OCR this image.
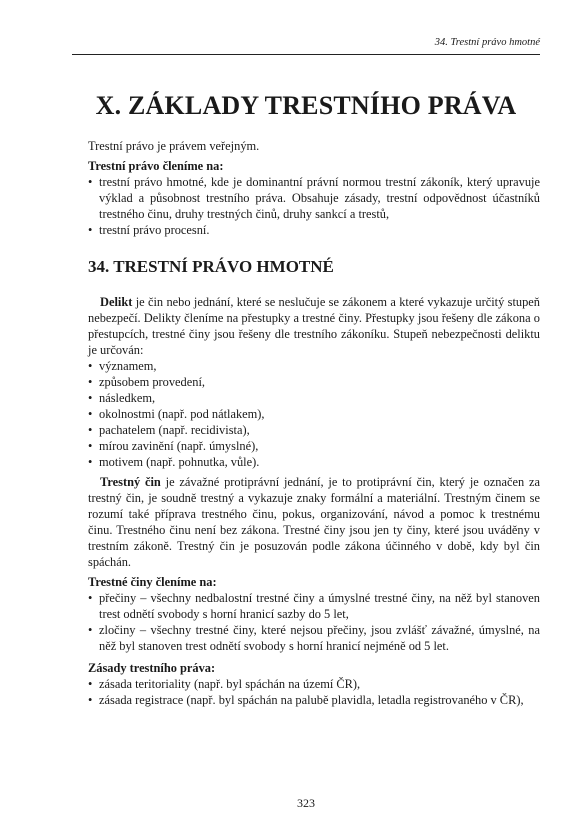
34. Trestní právo hmotné
X. ZÁKLADY TRESTNÍHO PRÁVA

Trestní právo je právem veřejným.

Trestní právo členíme na:

• trestní právo hmotné, kde je dominantní právní normou trestní zákoník, který upravuje výklad a působnost trestního práva. Obsahuje zásady, trestní odpovědnost účastníků trestného činu, druhy trestných činů, druhy sankcí a trestů,
• trestní právo procesní.
34. TRESTNÍ PRÁVO HMOTNÉ

Delikt je čin nebo jednání, které se neslučuje se zákonem a které vykazuje určitý stupeň nebezpečí. Delikty členíme na přestupky a trestné činy. Přestupky jsou řešeny dle zákona o přestupcích, trestné činy jsou řešeny dle trestního zákoníku. Stupeň nebezpečnosti deliktu je určován:

• významem,
• způsobem provedení,
• následkem,
• okolnostmi (např. pod nátlakem),
• pachatelem (např. recidivista),
• mírou zavinění (např. úmyslné),
• motivem (např. pohnutka, vůle).

Trestný čin je závažné protiprávní jednání, je to protiprávní čin, který je označen za trestný čin, je soudně trestný a vykazuje znaky formální a materiální. Trestným činem se rozumí také příprava trestného činu, pokus, organizování, návod a pomoc k trestnému činu. Trestného činu není bez zákona. Trestné činy jsou jen ty činy, které jsou uváděny v trestním zákoně. Trestný čin je posuzován podle zákona účinného v době, kdy byl čin spáchán.

Trestné činy členíme na:

• přečiny – všechny nedbalostní trestné činy a úmyslné trestné činy, na něž byl stanoven trest odnětí svobody s horní hranicí sazby do 5 let,
• zločiny – všechny trestné činy, které nejsou přečiny, jsou zvlášť závažné, úmyslné, na něž byl stanoven trest odnětí svobody s horní hranicí nejméně od 5 let.

Zásady trestního práva:

• zásada teritoriality (např. byl spáchán na území ČR),
• zásada registrace (např. byl spáchán na palubě plavidla, letadla registrovaného v ČR),
323
